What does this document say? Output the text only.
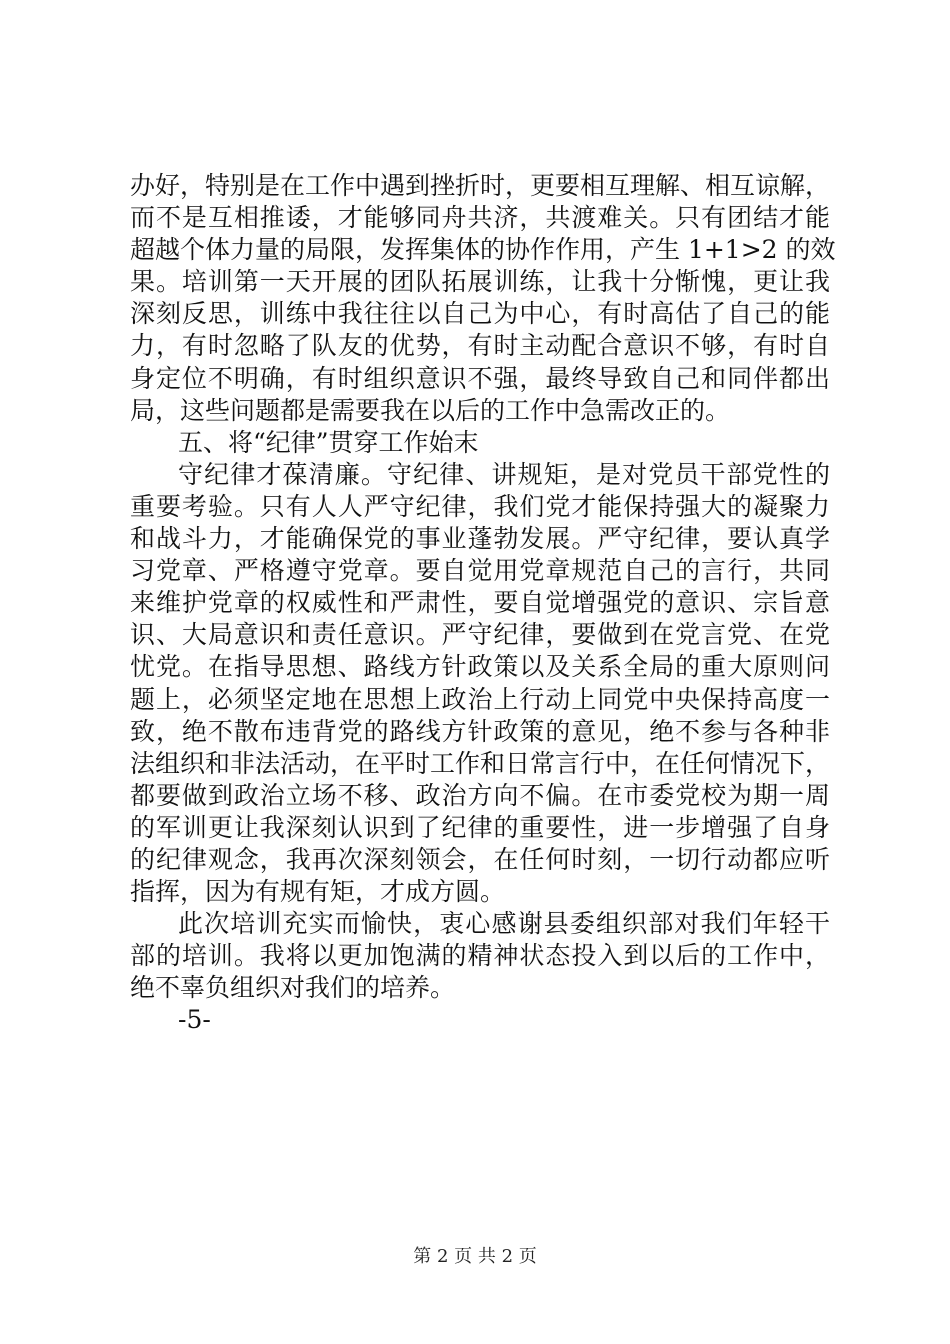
办好，特别是在工作中遇到挫折时，更要相互理解、相互谅解，
而不是互相推诿，才能够同舟共济，共渡难关。只有团结才能
超越个体力量的局限，发挥集体的协作作用，产生 1+1>2 的效
果。培训第一天开展的团队拓展训练，让我十分惭愧，更让我
深刻反思，训练中我往往以自己为中心，有时高估了自己的能
力，有时忽略了队友的优势，有时主动配合意识不够，有时自
身定位不明确，有时组织意识不强，最终导致自己和同伴都出
局，这些问题都是需要我在以后的工作中急需改正的。
五、将“纪律”贯穿工作始末
守纪律才葆清廉。守纪律、讲规矩，是对党员干部党性的
重要考验。只有人人严守纪律，我们党才能保持强大的凝聚力
和战斗力，才能确保党的事业蓬勃发展。严守纪律，要认真学
习党章、严格遵守党章。要自觉用党章规范自己的言行，共同
来维护党章的权威性和严肃性，要自觉增强党的意识、宗旨意
识、大局意识和责任意识。严守纪律，要做到在党言党、在党
忧党。在指导思想、路线方针政策以及关系全局的重大原则问
题上，必须坚定地在思想上政治上行动上同党中央保持高度一
致，绝不散布违背党的路线方针政策的意见，绝不参与各种非
法组织和非法活动，在平时工作和日常言行中，在任何情况下，
都要做到政治立场不移、政治方向不偏。在市委党校为期一周
的军训更让我深刻认识到了纪律的重要性，进一步增强了自身
的纪律观念，我再次深刻领会，在任何时刻，一切行动都应听
指挥，因为有规有矩，才成方圆。
此次培训充实而愉快，衷心感谢县委组织部对我们年轻干
部的培训。我将以更加饱满的精神状态投入到以后的工作中，
绝不辜负组织对我们的培养。
-5-
第 2 页 共 2 页
